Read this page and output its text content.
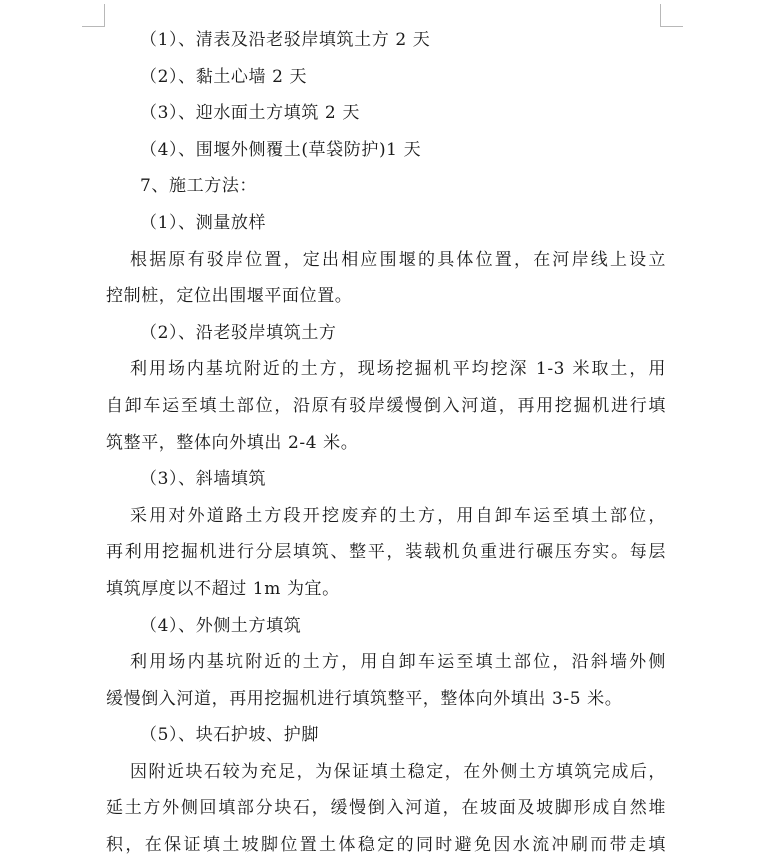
（1）、清表及沿老驳岸填筑土方 2 天
（2）、黏土心墙 2 天
（3）、迎水面土方填筑 2 天
（4）、围堰外侧覆土(草袋防护)1 天
7、施工方法：
（1）、测量放样
根据原有驳岸位置，定出相应围堰的具体位置，在河岸线上设立
控制桩，定位出围堰平面位置。
（2）、沿老驳岸填筑土方
利用场内基坑附近的土方，现场挖掘机平均挖深 1-3 米取土，用
自卸车运至填土部位，沿原有驳岸缓慢倒入河道，再用挖掘机进行填
筑整平，整体向外填出 2-4 米。
（3）、斜墙填筑
采用对外道路土方段开挖废弃的土方，用自卸车运至填土部位，
再利用挖掘机进行分层填筑、整平，装载机负重进行碾压夯实。每层
填筑厚度以不超过 1m 为宜。
（4）、外侧土方填筑
利用场内基坑附近的土方，用自卸车运至填土部位，沿斜墙外侧
缓慢倒入河道，再用挖掘机进行填筑整平，整体向外填出 3-5 米。
（5）、块石护坡、护脚
因附近块石较为充足，为保证填土稳定，在外侧土方填筑完成后，
延土方外侧回填部分块石，缓慢倒入河道，在坡面及坡脚形成自然堆
积，在保证填土坡脚位置土体稳定的同时避免因水流冲刷而带走填
